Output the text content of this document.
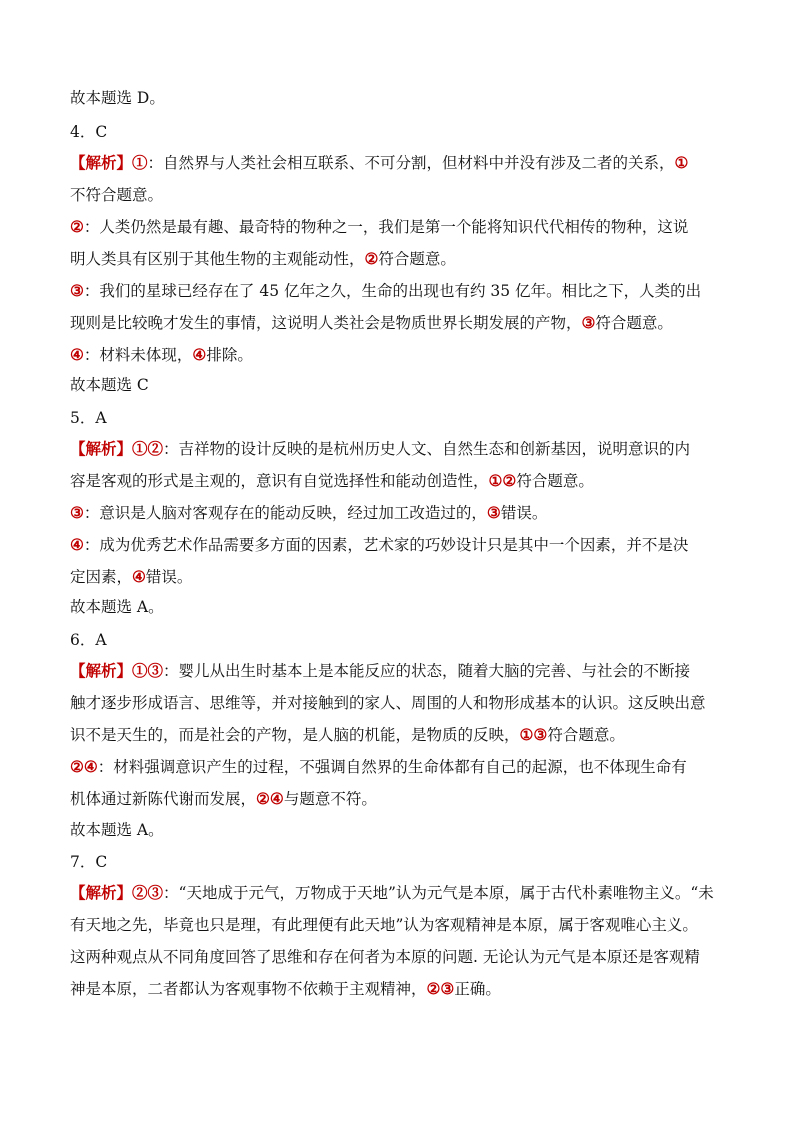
故本题选 D。
4．C
【解析】①：自然界与人类社会相互联系、不可分割，但材料中并没有涉及二者的关系，①
不符合题意。
②：人类仍然是最有趣、最奇特的物种之一，我们是第一个能将知识代代相传的物种，这说
明人类具有区别于其他生物的主观能动性，②符合题意。
③：我们的星球已经存在了 45 亿年之久，生命的出现也有约 35 亿年。相比之下，人类的出
现则是比较晚才发生的事情，这说明人类社会是物质世界长期发展的产物，③符合题意。
④：材料未体现，④排除。
故本题选 C
5．A
【解析】①②：吉祥物的设计反映的是杭州历史人文、自然生态和创新基因，说明意识的内
容是客观的形式是主观的，意识有自觉选择性和能动创造性，①②符合题意。
③：意识是人脑对客观存在的能动反映，经过加工改造过的，③错误。
④：成为优秀艺术作品需要多方面的因素，艺术家的巧妙设计只是其中一个因素，并不是决
定因素，④错误。
故本题选 A。
6．A
【解析】①③：婴儿从出生时基本上是本能反应的状态，随着大脑的完善、与社会的不断接
触才逐步形成语言、思维等，并对接触到的家人、周围的人和物形成基本的认识。这反映出意
识不是天生的，而是社会的产物，是人脑的机能，是物质的反映，①③符合题意。
②④：材料强调意识产生的过程，不强调自然界的生命体都有自己的起源，也不体现生命有
机体通过新陈代谢而发展，②④与题意不符。
故本题选 A。
7．C
【解析】②③：“天地成于元气，万物成于天地”认为元气是本原，属于古代朴素唯物主义。“未
有天地之先，毕竟也只是理，有此理便有此天地”认为客观精神是本原，属于客观唯心主义。
这两种观点从不同角度回答了思维和存在何者为本原的问题. 无论认为元气是本原还是客观精
神是本原，二者都认为客观事物不依赖于主观精神，②③正确。
